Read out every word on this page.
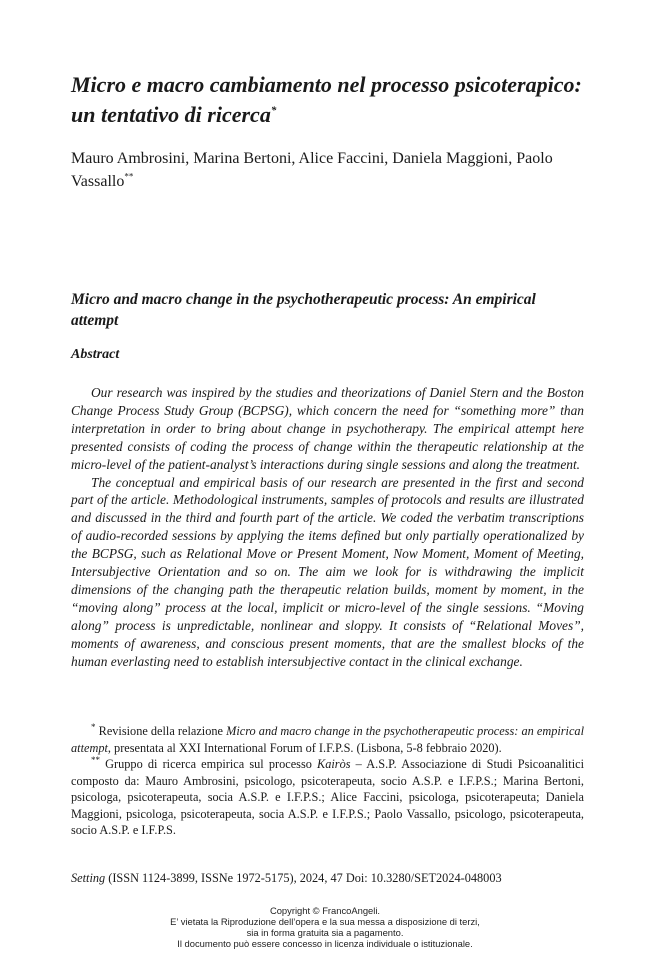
Micro e macro cambiamento nel processo psicoterapico: un tentativo di ricerca*

Mauro Ambrosini, Marina Bertoni, Alice Faccini, Daniela Maggioni, Paolo Vassallo**

Micro and macro change in the psychotherapeutic process: An empirical attempt
Abstract

Our research was inspired by the studies and theorizations of Daniel Stern and the Boston Change Process Study Group (BCPSG), which concern the need for “something more” than interpretation in order to bring about change in psychotherapy. The empirical attempt here presented consists of coding the process of change within the therapeutic relationship at the micro-level of the patient-analyst’s interactions during single sessions and along the treatment.

The conceptual and empirical basis of our research are presented in the first and second part of the article. Methodological instruments, samples of protocols and results are illustrated and discussed in the third and fourth part of the article. We coded the verbatim transcriptions of audio-recorded sessions by applying the items defined but only partially operationalized by the BCPSG, such as Relational Move or Present Moment, Now Moment, Moment of Meeting, Intersubjective Orientation and so on. The aim we look for is withdrawing the implicit dimensions of the changing path the therapeutic relation builds, moment by moment, in the “moving along” process at the local, implicit or micro-level of the single sessions. “Moving along” process is unpredictable, nonlinear and sloppy. It consists of “Relational Moves”, moments of awareness, and conscious present moments, that are the smallest blocks of the human everlasting need to establish intersubjective contact in the clinical exchange.

* Revisione della relazione Micro and macro change in the psychotherapeutic process: an empirical attempt, presentata al XXI International Forum of I.F.P.S. (Lisbona, 5-8 febbraio 2020).

** Gruppo di ricerca empirica sul processo Kairòs – A.S.P. Associazione di Studi Psicoanalitici composto da: Mauro Ambrosini, psicologo, psicoterapeuta, socio A.S.P. e I.F.P.S.; Marina Bertoni, psicologa, psicoterapeuta, socia A.S.P. e I.F.P.S.; Alice Faccini, psicologa, psicoterapeuta; Daniela Maggioni, psicologa, psicoterapeuta, socia A.S.P. e I.F.P.S.; Paolo Vassallo, psicologo, psicoterapeuta, socio A.S.P. e I.F.P.S.

Setting (ISSN 1124-3899, ISSNe 1972-5175), 2024, 47 Doi: 10.3280/SET2024-048003

Copyright © FrancoAngeli.
E’ vietata la Riproduzione dell’opera e la sua messa a disposizione di terzi,
sia in forma gratuita sia a pagamento.
Il documento può essere concesso in licenza individuale o istituzionale.
